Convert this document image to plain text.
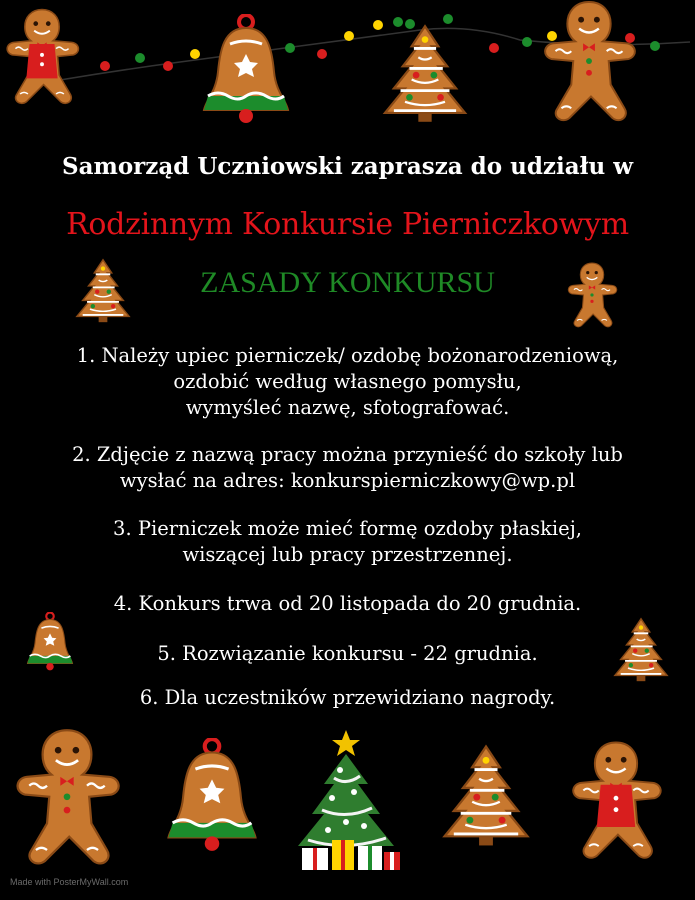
Samorząd Uczniowski zaprasza do udziału w
Rodzinnym Konkursie Pierniczkowym
ZASADY KONKURSU
1. Należy upiec pierniczek/ ozdobę bożonarodzeniową,
ozdobić według własnego pomysłu,
wymyśleć nazwę, sfotografować.
2. Zdjęcie z nazwą pracy można przynieść do szkoły lub
wysłać na adres: konkurspierniczkowy@wp.pl
3. Pierniczek może mieć formę ozdoby płaskiej,
wiszącej lub pracy przestrzennej.
4. Konkurs trwa od 20 listopada do 20 grudnia.
5. Rozwiązanie konkursu - 22 grudnia.
6. Dla uczestników przewidziano nagrody.
Made with PosterMyWall.com
